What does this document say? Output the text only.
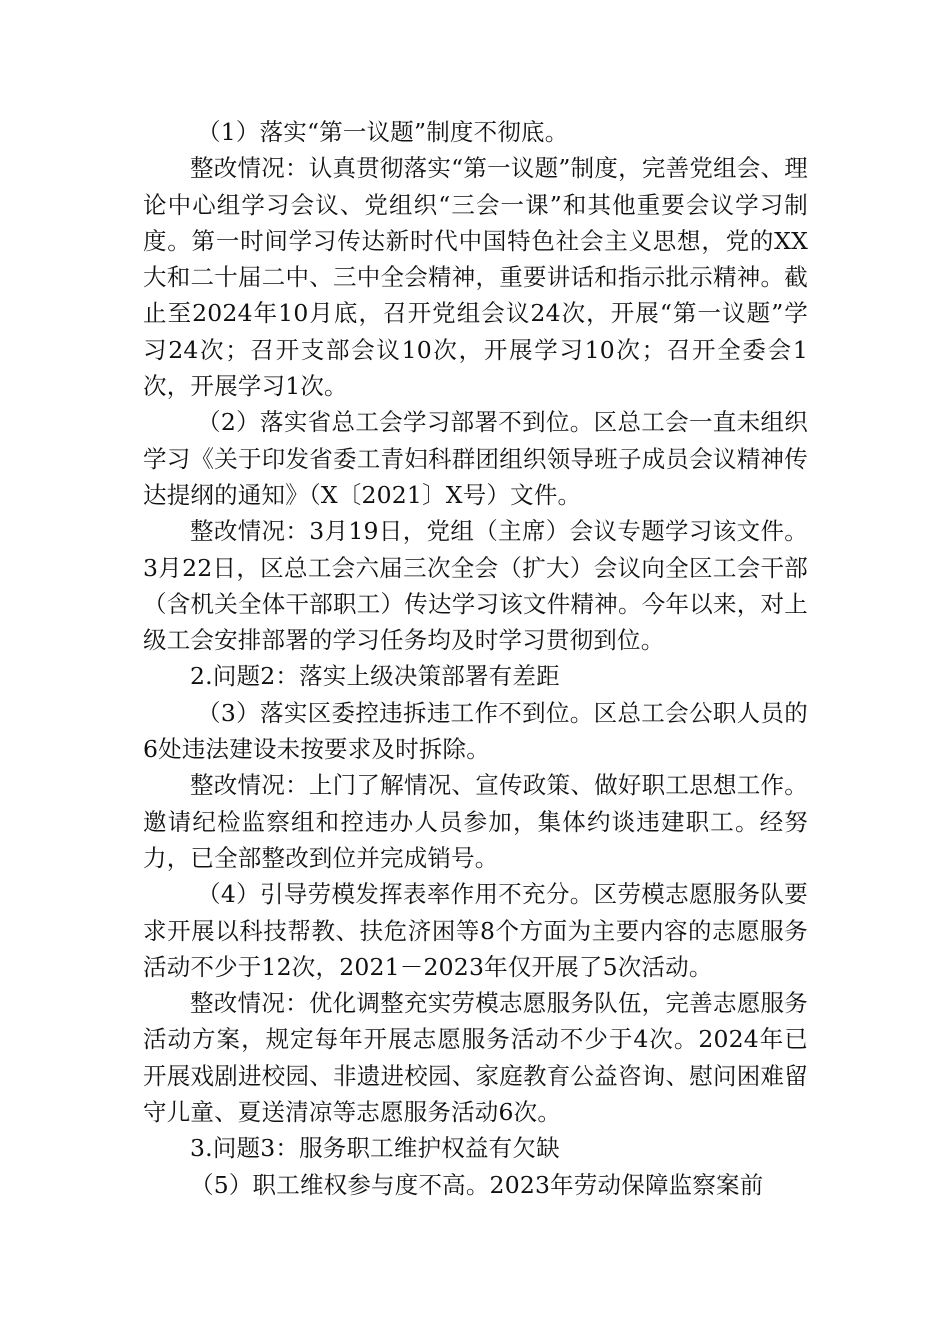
（1）落实“第一议题”制度不彻底。

整改情况：认真贯彻落实“第一议题”制度，完善党组会、理论中心组学习会议、党组织“三会一课”和其他重要会议学习制度。第一时间学习传达新时代中国特色社会主义思想，党的XX大和二十届二中、三中全会精神，重要讲话和指示批示精神。截止至2024年10月底，召开党组会议24次，开展“第一议题”学习24次；召开支部会议10次，开展学习10次；召开全委会1次，开展学习1次。

（2）落实省总工会学习部署不到位。区总工会一直未组织学习《关于印发省委工青妇科群团组织领导班子成员会议精神传达提纲的通知》（X〔2021〕X号）文件。

整改情况：3月19日，党组（主席）会议专题学习该文件。3月22日，区总工会六届三次全会（扩大）会议向全区工会干部（含机关全体干部职工）传达学习该文件精神。今年以来，对上级工会安排部署的学习任务均及时学习贯彻到位。

2.问题2：落实上级决策部署有差距

（3）落实区委控违拆违工作不到位。区总工会公职人员的6处违法建设未按要求及时拆除。

整改情况：上门了解情况、宣传政策、做好职工思想工作。邀请纪检监察组和控违办人员参加，集体约谈违建职工。经努力，已全部整改到位并完成销号。

（4）引导劳模发挥表率作用不充分。区劳模志愿服务队要求开展以科技帮教、扶危济困等8个方面为主要内容的志愿服务活动不少于12次，2021－2023年仅开展了5次活动。

整改情况：优化调整充实劳模志愿服务队伍，完善志愿服务活动方案，规定每年开展志愿服务活动不少于4次。2024年已开展戏剧进校园、非遗进校园、家庭教育公益咨询、慰问困难留守儿童、夏送清凉等志愿服务活动6次。

3.问题3：服务职工维护权益有欠缺

（5）职工维权参与度不高。2023年劳动保障监察案前
